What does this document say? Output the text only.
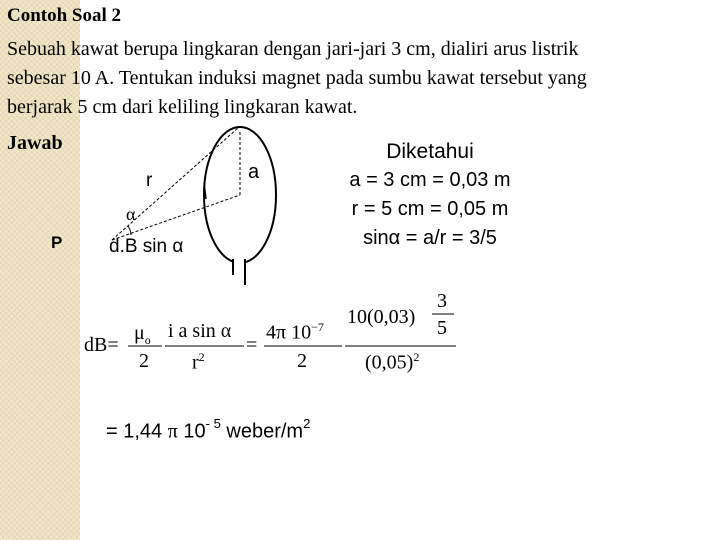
Contoh Soal 2
Sebuah kawat berupa lingkaran dengan jari-jari 3 cm, dialiri arus listrik
sebesar 10 A. Tentukan induksi magnet pada sumbu kawat tersebut yang
berjarak 5 cm dari keliling lingkaran kawat.
Jawab
r
α
P
a
d.B sin α
Diketahui
a = 3 cm = 0,03 m
r = 5 cm = 0,05 m
sinα = a/r = 3/5
dB=
$\mu_o$
2
i a sin α
$r^2$
=
4π $10^{-7}$
2
10(0,03)
3
5
$(0,05)^2$
= 1,44 π $10^{- 5}$ weber/$m^2$
